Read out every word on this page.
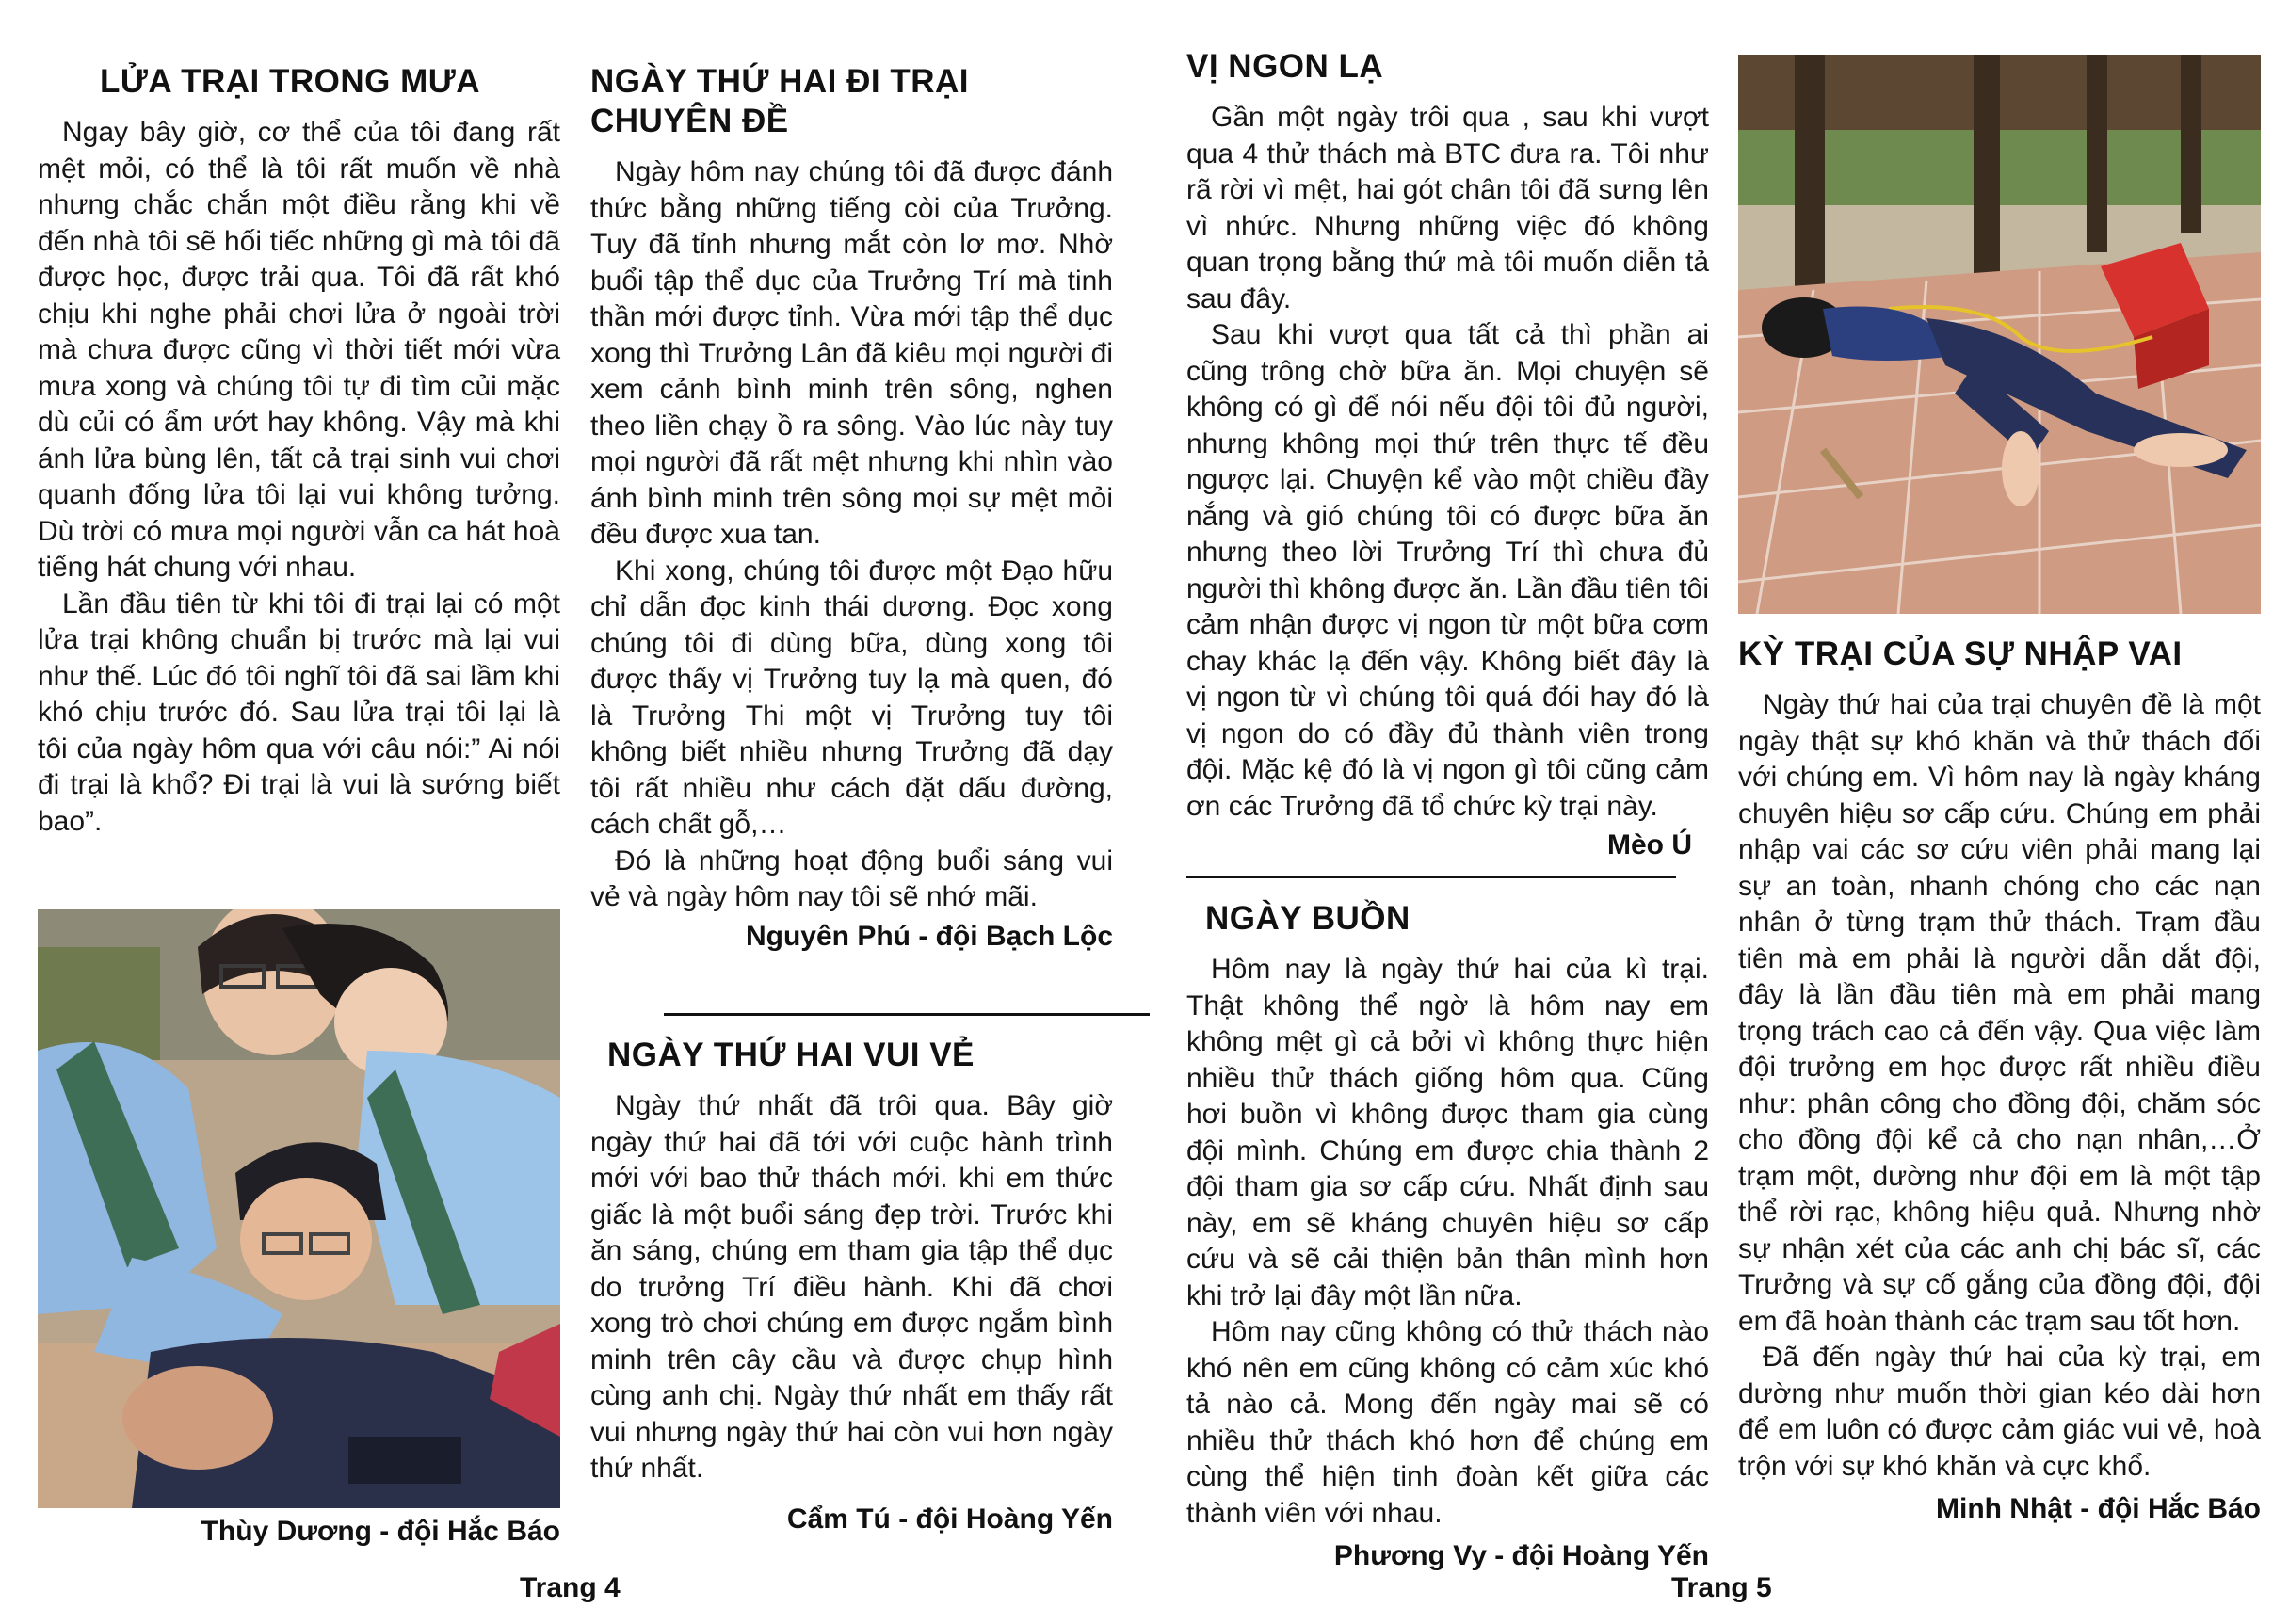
LỬA TRẠI TRONG MƯA

Ngay bây giờ, cơ thể của tôi đang rất mệt mỏi, có thể là tôi rất muốn về nhà nhưng chắc chắn một điều rằng khi về đến nhà tôi sẽ hối tiếc những gì mà tôi đã được học, được trải qua. Tôi đã rất khó chịu khi nghe phải chơi lửa ở ngoài trời mà chưa được cũng vì thời tiết mới vừa mưa xong và chúng tôi tự đi tìm củi mặc dù củi có ẩm ướt hay không. Vậy mà khi ánh lửa bùng lên, tất cả trại sinh vui chơi quanh đống lửa tôi lại vui không tưởng. Dù trời có mưa mọi người vẫn ca hát hoà tiếng hát chung với nhau.

Lần đầu tiên từ khi tôi đi trại lại có một lửa trại không chuẩn bị trước mà lại vui như thế. Lúc đó tôi nghĩ tôi đã sai lầm khi khó chịu trước đó. Sau lửa trại tôi lại là tôi của ngày hôm qua với câu nói:” Ai nói đi trại là khổ? Đi trại là vui là sướng biết bao”.

Thùy Dương - đội Hắc Báo
NGÀY THỨ HAI ĐI TRẠI CHUYÊN ĐỀ

Ngày hôm nay chúng tôi đã được đánh thức bằng những tiếng còi của Trưởng. Tuy đã tỉnh nhưng mắt còn lơ mơ. Nhờ buổi tập thể dục của Trưởng Trí mà tinh thần mới được tỉnh. Vừa mới tập thể dục xong thì Trưởng Lân đã kiêu mọi người đi xem cảnh bình minh trên sông, nghen theo liền chạy ồ ra sông. Vào lúc này tuy mọi người đã rất mệt nhưng khi nhìn vào ánh bình minh trên sông mọi sự mệt mỏi đều được xua tan.

Khi xong, chúng tôi được một Đạo hữu chỉ dẫn đọc kinh thái dương. Đọc xong chúng tôi đi dùng bữa, dùng xong tôi được thấy vị Trưởng tuy lạ mà quen, đó là Trưởng Thi một vị Trưởng tuy tôi không biết nhiều nhưng Trưởng đã dạy tôi rất nhiều như cách đặt dấu đường, cách chất gỗ,…

Đó là những hoạt động buổi sáng vui vẻ và ngày hôm nay tôi sẽ nhớ mãi.

Nguyên Phú - đội Bạch Lộc
NGÀY THỨ HAI VUI VẺ

Ngày thứ nhất đã trôi qua. Bây giờ ngày thứ hai đã tới với cuộc hành trình mới với bao thử thách mới. khi em thức giấc là một buổi sáng đẹp trời. Trước khi ăn sáng, chúng em tham gia tập thể dục do trưởng Trí điều hành. Khi đã chơi xong trò chơi chúng em được ngắm bình minh trên cây cầu và được chụp hình cùng anh chị. Ngày thứ nhất em thấy rất vui nhưng ngày thứ hai còn vui hơn ngày thứ nhất.

Cẩm Tú - đội Hoàng Yến
Trang 4
VỊ NGON LẠ

Gần một ngày trôi qua , sau khi vượt qua 4 thử thách mà BTC đưa ra. Tôi như rã rời vì mệt, hai gót chân tôi đã sưng lên vì nhức. Nhưng những việc đó không quan trọng bằng thứ mà tôi muốn diễn tả sau đây.

Sau khi vượt qua tất cả thì phần ai cũng trông chờ bữa ăn. Mọi chuyện sẽ không có gì để nói nếu đội tôi đủ người, nhưng không mọi thứ trên thực tế đều ngược lại. Chuyện kể vào một chiều đầy nắng và gió chúng tôi có được bữa ăn nhưng theo lời Trưởng Trí thì chưa đủ người thì không được ăn. Lần đầu tiên tôi cảm nhận được vị ngon từ một bữa cơm chay khác lạ đến vậy. Không biết đây là vị ngon từ vì chúng tôi quá đói hay đó là vị ngon do có đầy đủ thành viên trong đội. Mặc kệ đó là vị ngon gì tôi cũng cảm ơn các Trưởng đã tổ chức kỳ trại này.

Mèo Ú
NGÀY BUỒN

Hôm nay là ngày thứ hai của kì trại. Thật không thể ngờ là hôm nay em không mệt gì cả bởi vì không thực hiện nhiều thử thách giống hôm qua. Cũng hơi buồn vì không được tham gia cùng đội mình. Chúng em được chia thành 2 đội tham gia sơ cấp cứu. Nhất định sau này, em sẽ kháng chuyên hiệu sơ cấp cứu và sẽ cải thiện bản thân mình hơn khi trở lại đây một lần nữa.

Hôm nay cũng không có thử thách nào khó nên em cũng không có cảm xúc khó tả nào cả. Mong đến ngày mai sẽ có nhiều thử thách khó hơn để chúng em cùng thể hiện tinh đoàn kết giữa các thành viên với nhau.

Phương Vy - đội Hoàng Yến
KỲ TRẠI CỦA SỰ NHẬP VAI

Ngày thứ hai của trại chuyên đề là một ngày thật sự khó khăn và thử thách đối với chúng em. Vì hôm nay là ngày kháng chuyên hiệu sơ cấp cứu. Chúng em phải nhập vai các sơ cứu viên phải mang lại sự an toàn, nhanh chóng cho các nạn nhân ở từng trạm thử thách. Trạm đầu tiên mà em phải là người dẫn dắt đội, đây là lần đầu tiên mà em phải mang trọng trách cao cả đến vậy. Qua việc làm đội trưởng em học được rất nhiều điều như: phân công cho đồng đội, chăm sóc cho đồng đội kể cả cho nạn nhân,…Ở trạm một, dường như đội em là một tập thể rời rạc, không hiệu quả. Nhưng nhờ sự nhận xét của các anh chị bác sĩ, các Trưởng và sự cố gắng của đồng đội, đội em đã hoàn thành các trạm sau tốt hơn.

Đã đến ngày thứ hai của kỳ trại, em dường như muốn thời gian kéo dài hơn để em luôn có được cảm giác vui vẻ, hoà trộn với sự khó khăn và cực khổ.

Minh Nhật - đội Hắc Báo
Trang 5
